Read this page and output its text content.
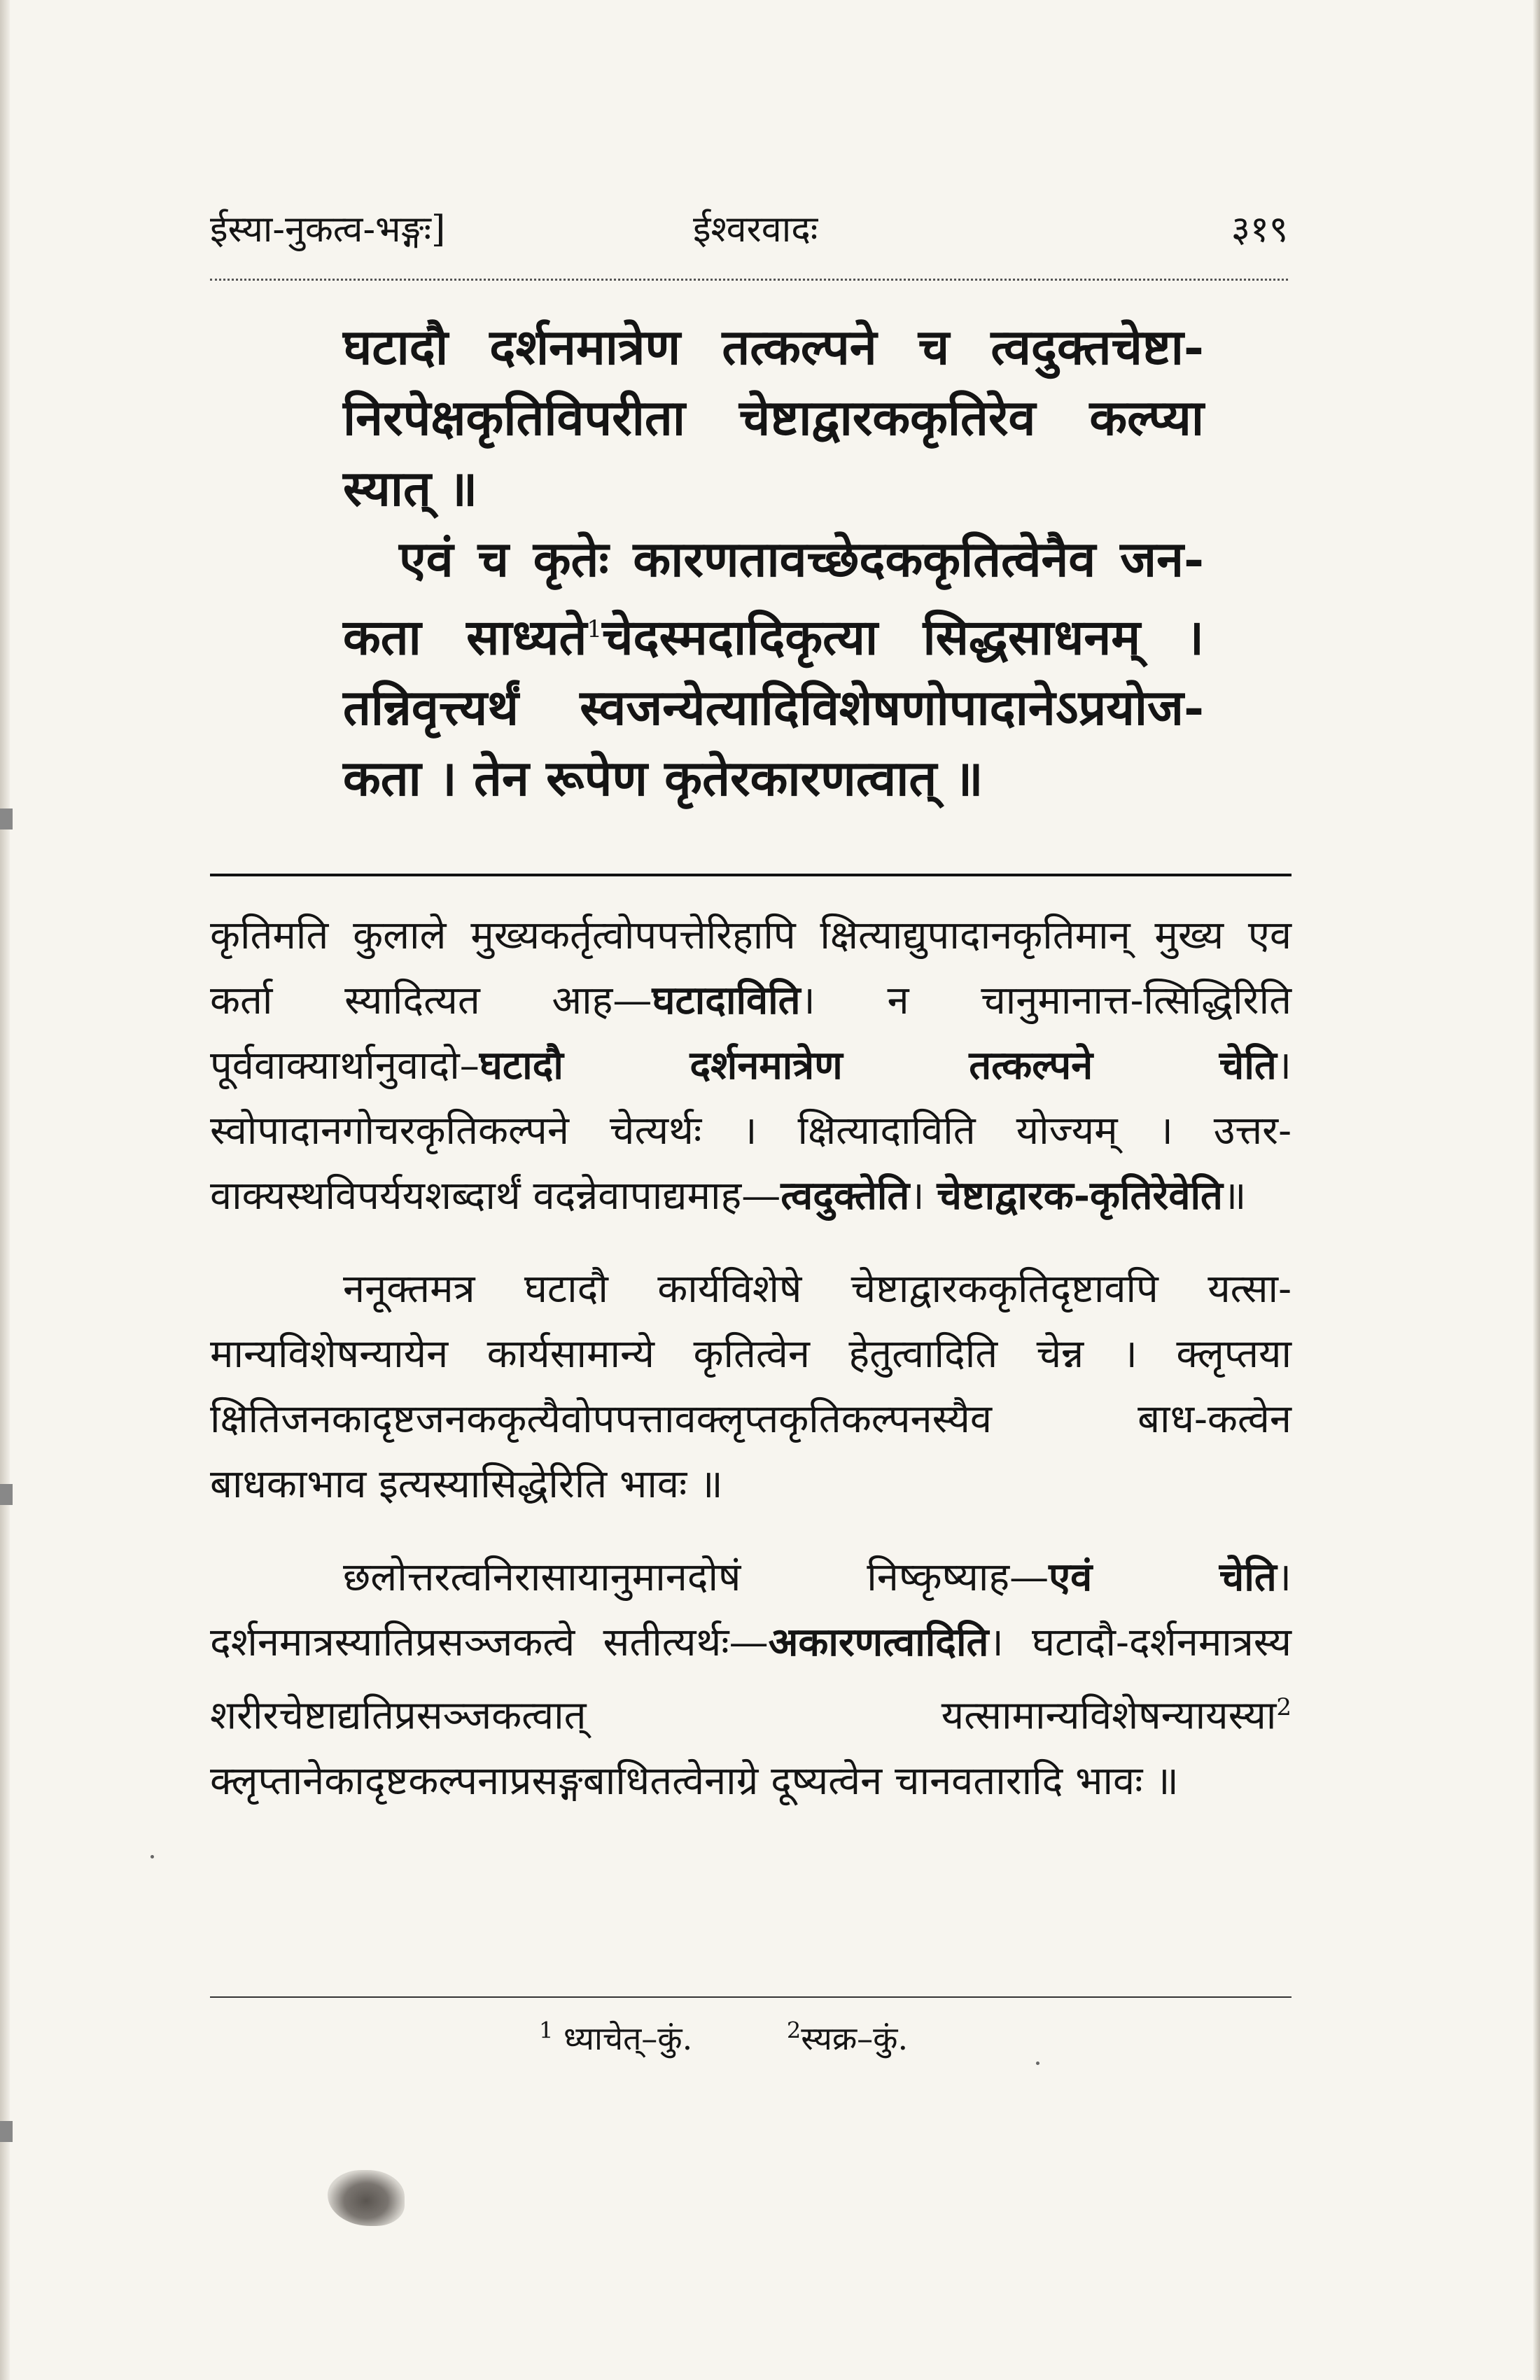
ईस्या-नुकत्व-भङ्गः]	ईश्वरवादः	३१९

घटादौ दर्शनमात्रेण तत्कल्पने च त्वदुक्तचेष्टा-निरपेक्षकृतिविपरीता चेष्टाद्वारककृतिरेव कल्प्या स्यात् ॥

एवं च कृतेः कारणतावच्छेदककृतित्वेनैव जन-कता साध्यते$^1$चेदस्मदादिकृत्या सिद्धसाधनम् । तन्निवृत्त्यर्थं स्वजन्येत्यादिविशेषणोपादानेऽप्रयोज-कता । तेन रूपेण कृतेरकारणत्वात् ॥

कृतिमति कुलाले मुख्यकर्तृत्वोपपत्तेरिहापि क्षित्याद्युपादानकृतिमान् मुख्य एव कर्ता स्यादित्यत आह—घटादाविति। न चानुमानात्त-त्सिद्धिरिति पूर्ववाक्यार्थानुवादो–घटादौ दर्शनमात्रेण तत्कल्पने चेति। स्वोपादानगोचरकृतिकल्पने चेत्यर्थः । क्षित्यादाविति योज्यम् । उत्तर-वाक्यस्थविपर्ययशब्दार्थं वदन्नेवापाद्यमाह—त्वदुक्तेति। चेष्टाद्वारक-कृतिरेवेति॥

ननूक्तमत्र घटादौ कार्यविशेषे चेष्टाद्वारककृतिदृष्टावपि यत्सा-मान्यविशेषन्यायेन कार्यसामान्ये कृतित्वेन हेतुत्वादिति चेन्न । क्लृप्तया क्षितिजनकादृष्टजनककृत्यैवोपपत्तावक्लृप्तकृतिकल्पनस्यैव बाध-कत्वेन बाधकाभाव इत्यस्यासिद्धेरिति भावः ॥

छलोत्तरत्वनिरासायानुमानदोषं निष्कृष्याह—एवं चेति। दर्शनमात्रस्यातिप्रसञ्जकत्वे सतीत्यर्थः—अकारणत्वादिति। घटादौ-दर्शनमात्रस्य शरीरचेष्टाद्यतिप्रसञ्जकत्वात् यत्सामान्यविशेषन्यायस्या$^2$ क्लृप्तानेकादृष्टकल्पनाप्रसङ्गबाधितत्वेनाग्रे दूष्यत्वेन चानवतारादि भावः ॥

$^1$ ध्याचेत्–कुं.	$^2$स्यक्र–कुं.
